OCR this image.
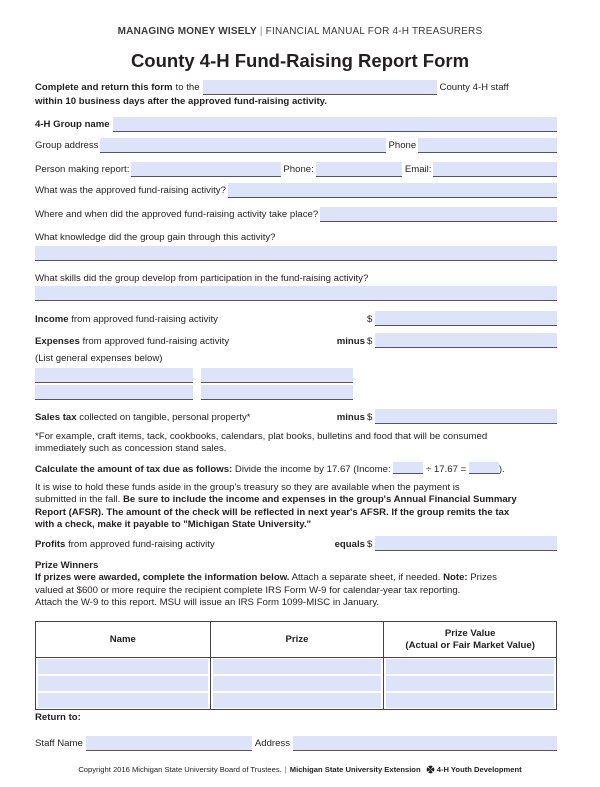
MANAGING MONEY WISELY | FINANCIAL MANUAL FOR 4-H TREASURERS
County 4-H Fund-Raising Report Form
Complete and return this form to the	County 4-H staff
within 10 business days after the approved fund-raising activity.
4-H Group name
Group address	Phone
Person making report:	Phone:	Email:
What was the approved fund-raising activity?
Where and when did the approved fund-raising activity take place?
What knowledge did the group gain through this activity?
What skills did the group develop from participation in the fund-raising activity?
Income from approved fund-raising activity	$
Expenses from approved fund-raising activity	minus $
(List general expenses below)
Sales tax collected on tangible, personal property*	minus $
*For example, craft items, tack, cookbooks, calendars, plat books, bulletins and food that will be consumed
immediately such as concession stand sales.
Calculate the amount of tax due as follows: Divide the income by 17.67 (Income:	÷ 17.67 =	).
It is wise to hold these funds aside in the group's treasury so they are available when the payment is
submitted in the fall. Be sure to include the income and expenses in the group's Annual Financial Summary
Report (AFSR). The amount of the check will be reflected in next year's AFSR. If the group remits the tax
with a check, make it payable to "Michigan State University."
Profits from approved fund-raising activity	equals $
Prize Winners
If prizes were awarded, complete the information below. Attach a separate sheet, if needed. Note: Prizes
valued at $600 or more require the recipient complete IRS Form W-9 for calendar-year tax reporting.
Attach the W-9 to this report. MSU will issue an IRS Form 1099-MISC in January.
Name	Prize	Prize Value
(Actual or Fair Market Value)

Return to:
Staff Name	Address
Copyright 2016 Michigan State University Board of Trustees. | Michigan State University Extension 4-H Youth Development
